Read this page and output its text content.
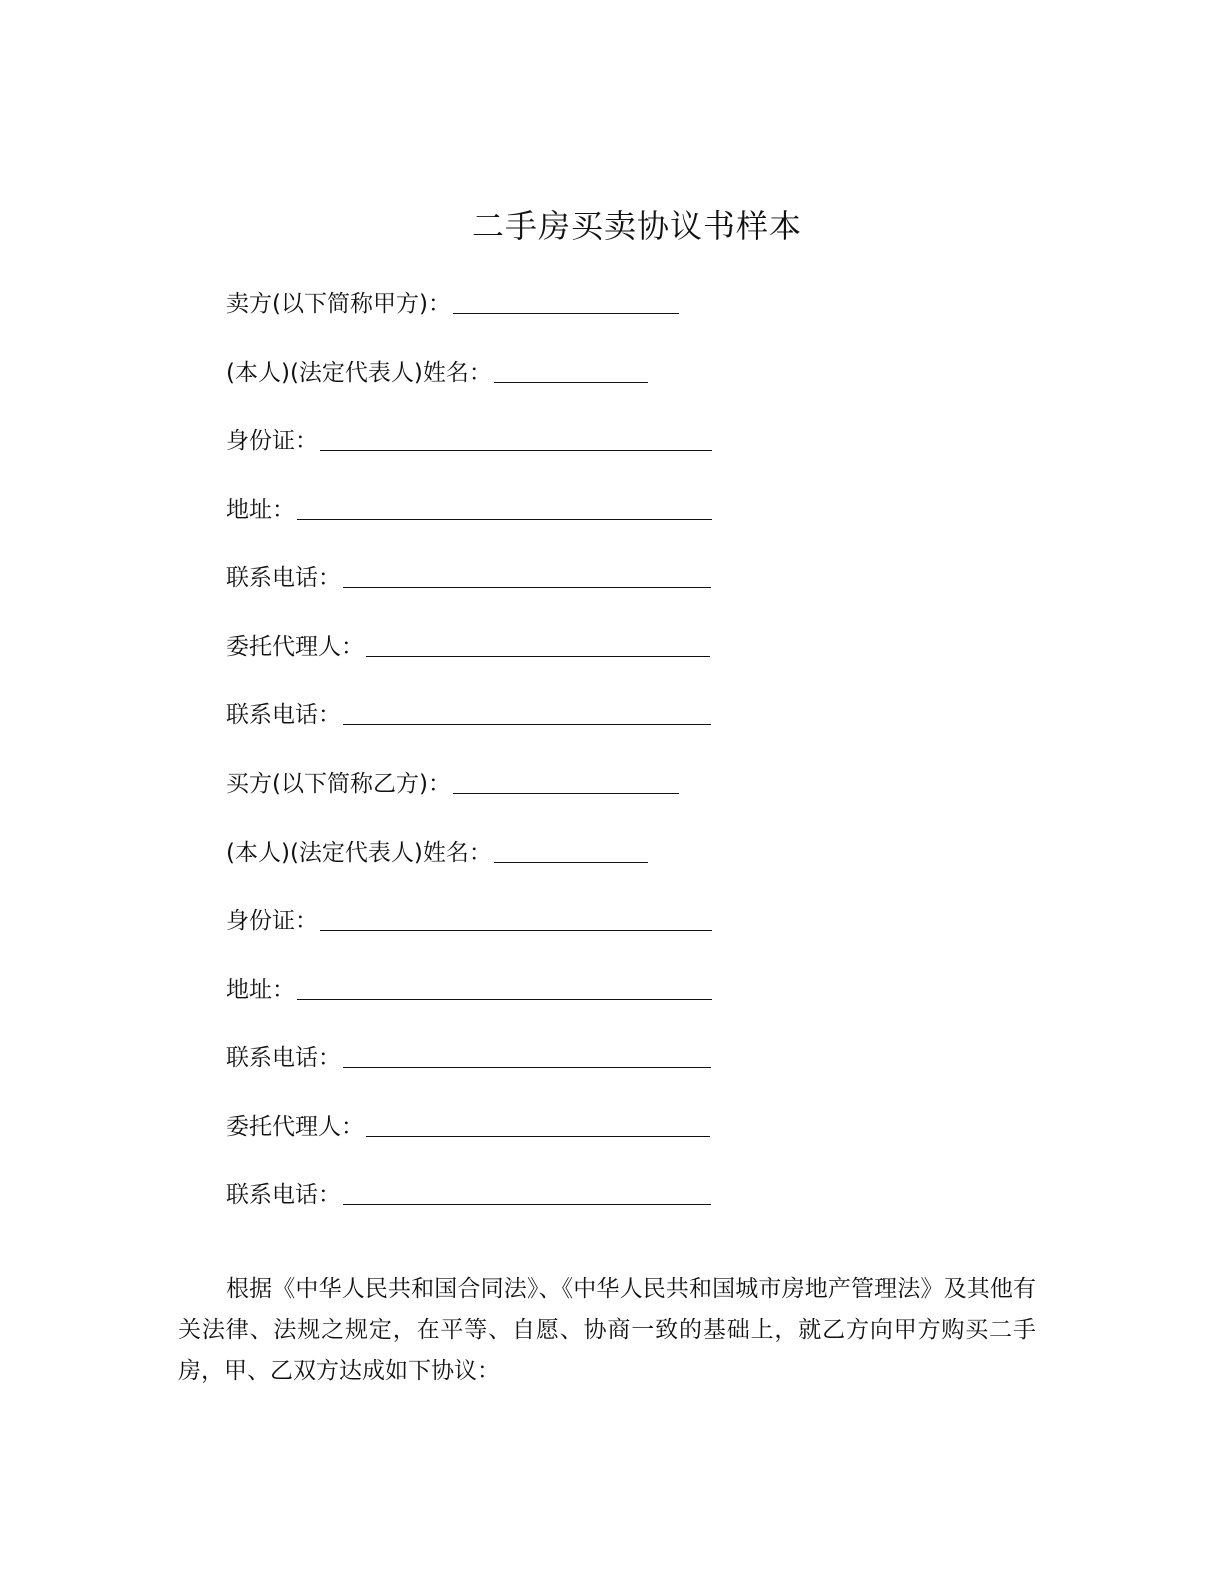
二手房买卖协议书样本
卖方(以下简称甲方)：
(本人)(法定代表人)姓名：
身份证：
地址：
联系电话：
委托代理人：
联系电话：
买方(以下简称乙方)：
(本人)(法定代表人)姓名：
身份证：
地址：
联系电话：
委托代理人：
联系电话：

根据《中华人民共和国合同法》、《中华人民共和国城市房地产管理法》及其他有关法律、法规之规定，在平等、自愿、协商一致的基础上，就乙方向甲方购买二手房，甲、乙双方达成如下协议：
